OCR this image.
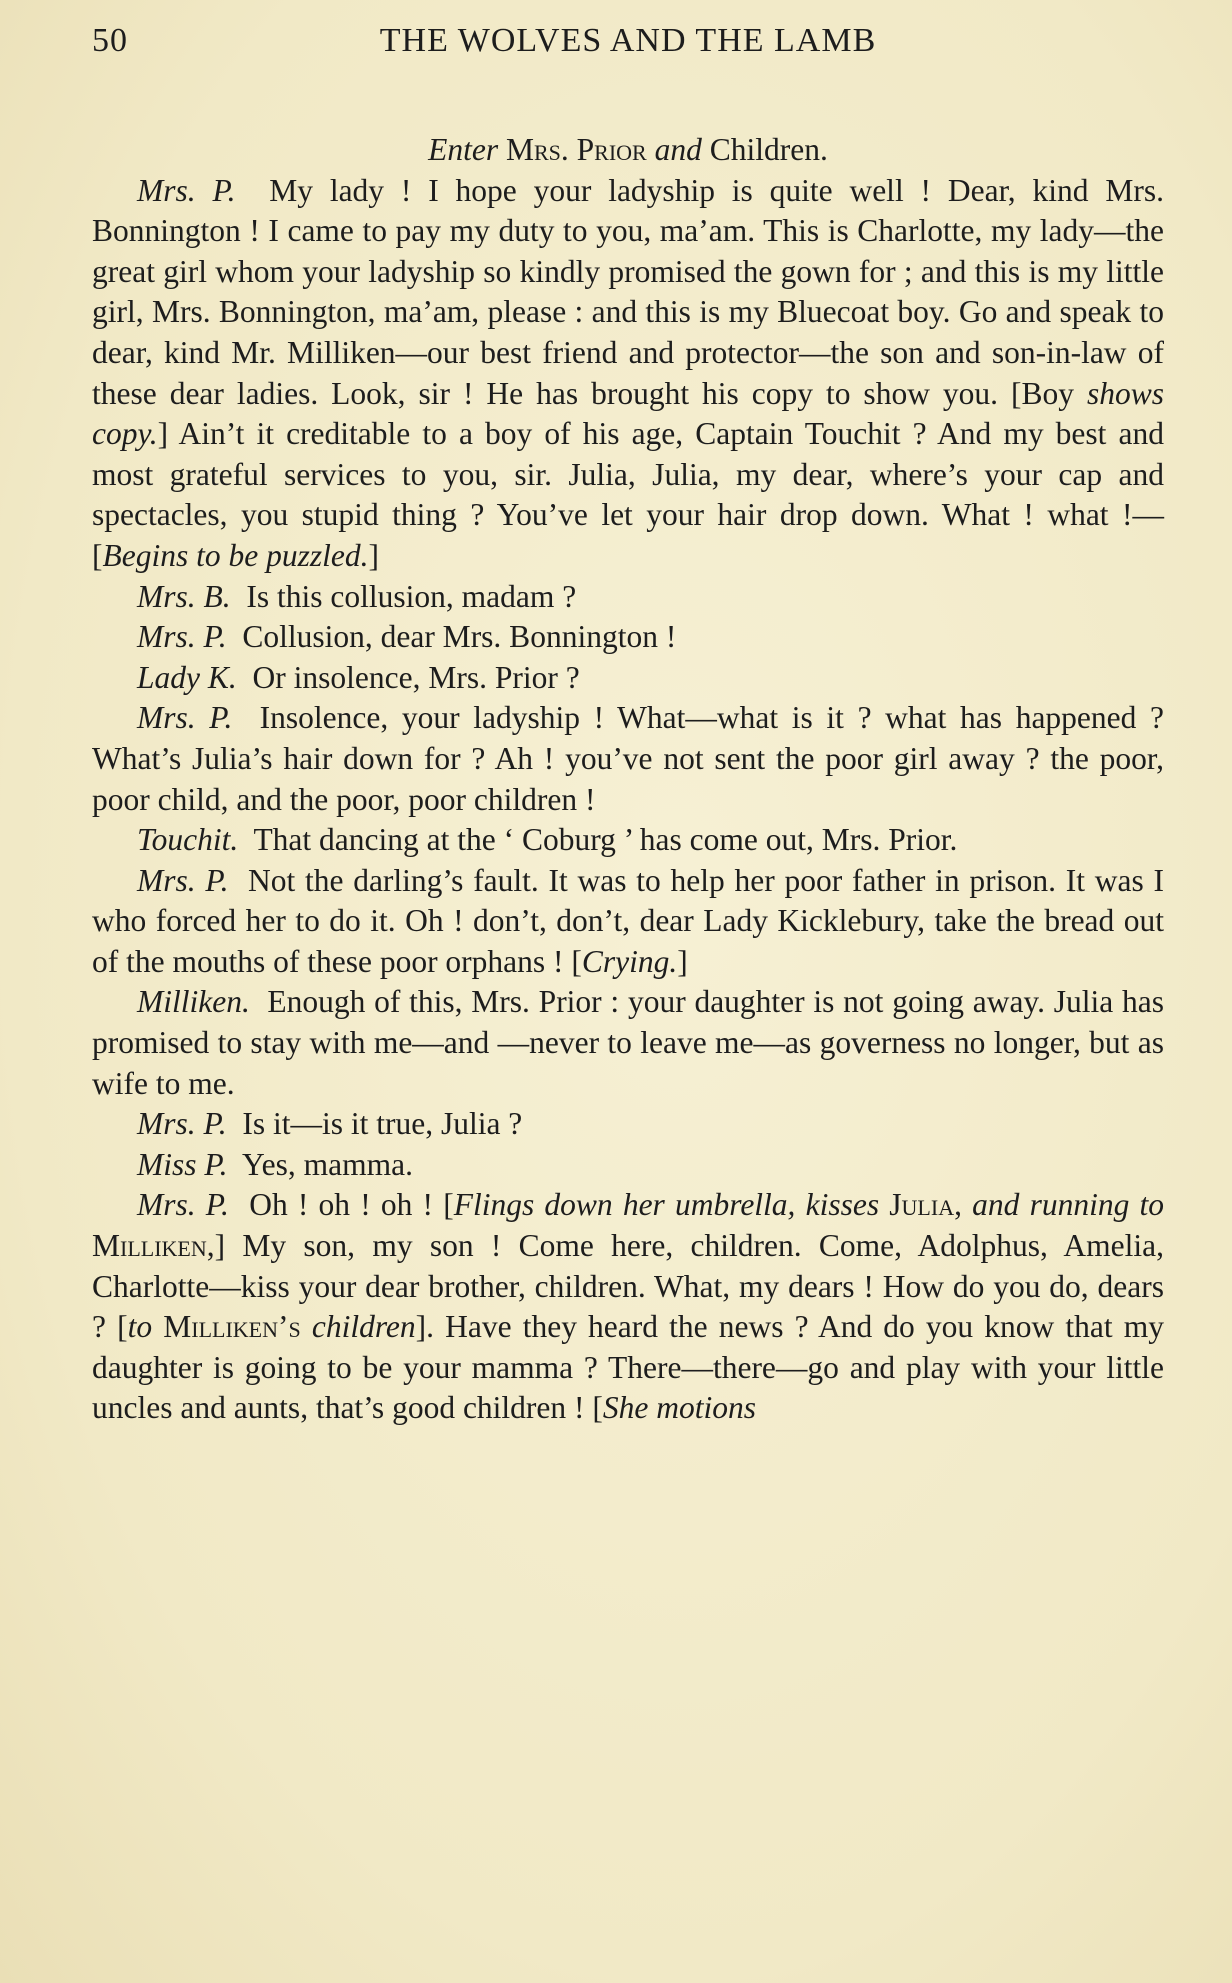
50	THE WOLVES AND THE LAMB

Enter Mrs. Prior and Children.

Mrs. P. My lady ! I hope your ladyship is quite well ! Dear, kind Mrs. Bonnington ! I came to pay my duty to you, ma’am. This is Charlotte, my lady—the great girl whom your ladyship so kindly promised the gown for ; and this is my little girl, Mrs. Bonnington, ma’am, please : and this is my Bluecoat boy. Go and speak to dear, kind Mr. Milliken—our best friend and protector—the son and son-in-law of these dear ladies. Look, sir ! He has brought his copy to show you. [Boy shows copy.] Ain’t it creditable to a boy of his age, Captain Touchit ? And my best and most grateful services to you, sir. Julia, Julia, my dear, where’s your cap and spectacles, you stupid thing ? You’ve let your hair drop down. What ! what !—[Begins to be puzzled.]

Mrs. B. Is this collusion, madam ?

Mrs. P. Collusion, dear Mrs. Bonnington !

Lady K. Or insolence, Mrs. Prior ?

Mrs. P. Insolence, your ladyship ! What—what is it ? what has happened ? What’s Julia’s hair down for ? Ah ! you’ve not sent the poor girl away ? the poor, poor child, and the poor, poor children !

Touchit. That dancing at the ‘ Coburg ’ has come out, Mrs. Prior.

Mrs. P. Not the darling’s fault. It was to help her poor father in prison. It was I who forced her to do it. Oh ! don’t, don’t, dear Lady Kicklebury, take the bread out of the mouths of these poor orphans ! [Crying.]

Milliken. Enough of this, Mrs. Prior : your daughter is not going away. Julia has promised to stay with me—and —never to leave me—as governess no longer, but as wife to me.

Mrs. P. Is it—is it true, Julia ?

Miss P. Yes, mamma.

Mrs. P. Oh ! oh ! oh ! [Flings down her umbrella, kisses Julia, and running to Milliken,] My son, my son ! Come here, children. Come, Adolphus, Amelia, Charlotte—kiss your dear brother, children. What, my dears ! How do you do, dears ? [to Milliken’s children]. Have they heard the news ? And do you know that my daughter is going to be your mamma ? There—there—go and play with your little uncles and aunts, that’s good children ! [She motions
